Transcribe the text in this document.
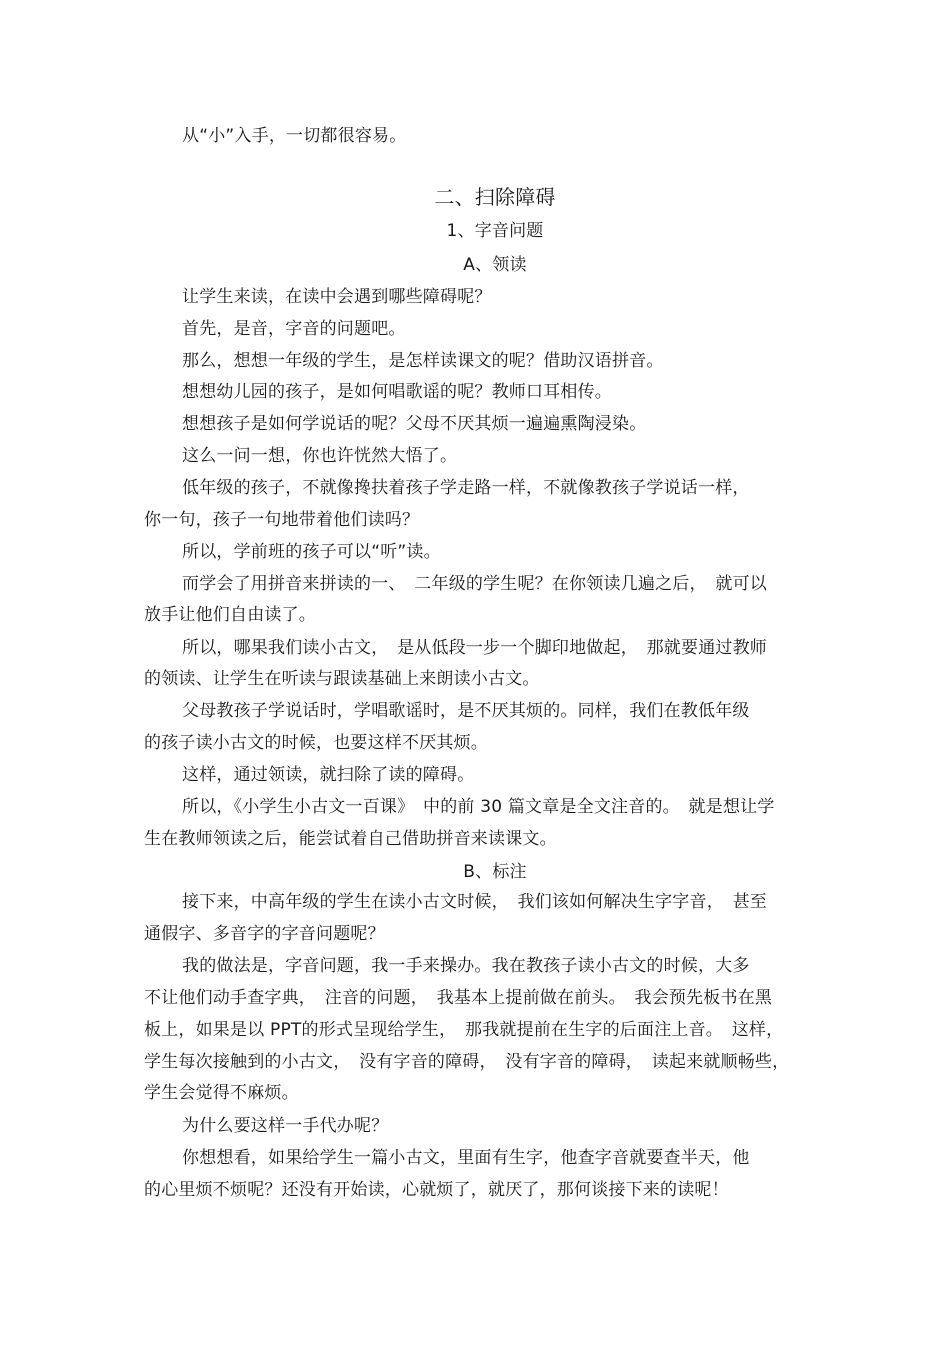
从“小”入手，一切都很容易。
二、扫除障碍
1、字音问题
A、领读
让学生来读，在读中会遇到哪些障碍呢？
首先，是音，字音的问题吧。
那么，想想一年级的学生，是怎样读课文的呢？借助汉语拼音。
想想幼儿园的孩子，是如何唱歌谣的呢？教师口耳相传。
想想孩子是如何学说话的呢？父母不厌其烦一遍遍熏陶浸染。
这么一问一想，你也许恍然大悟了。
低年级的孩子，不就像搀扶着孩子学走路一样，不就像教孩子学说话一样，
你一句，孩子一句地带着他们读吗？
所以，学前班的孩子可以“听”读。
而学会了用拼音来拼读的一、　二年级的学生呢？在你领读几遍之后，　就可以
放手让他们自由读了。
所以，哪果我们读小古文，　是从低段一步一个脚印地做起，　那就要通过教师
的领读、让学生在听读与跟读基础上来朗读小古文。
父母教孩子学说话时，学唱歌谣时，是不厌其烦的。同样，我们在教低年级
的孩子读小古文的时候，也要这样不厌其烦。
这样，通过领读，就扫除了读的障碍。
所以，《小学生小古文一百课》　中的前 30 篇文章是全文注音的。　就是想让学
生在教师领读之后，能尝试着自己借助拼音来读课文。
B、标注
接下来，中高年级的学生在读小古文时候，　我们该如何解决生字字音，　甚至
通假字、多音字的字音问题呢？
我的做法是，字音问题，我一手来操办。我在教孩子读小古文的时候，大多
不让他们动手查字典，　注音的问题，　我基本上提前做在前头。　我会预先板书在黑
板上，如果是以 PPT的形式呈现给学生，　那我就提前在生字的后面注上音。　这样，
学生每次接触到的小古文，　没有字音的障碍，　没有字音的障碍，　读起来就顺畅些，
学生会觉得不麻烦。
为什么要这样一手代办呢？
你想想看，如果给学生一篇小古文，里面有生字，他查字音就要查半天，他
的心里烦不烦呢？还没有开始读，心就烦了，就厌了，那何谈接下来的读呢！
